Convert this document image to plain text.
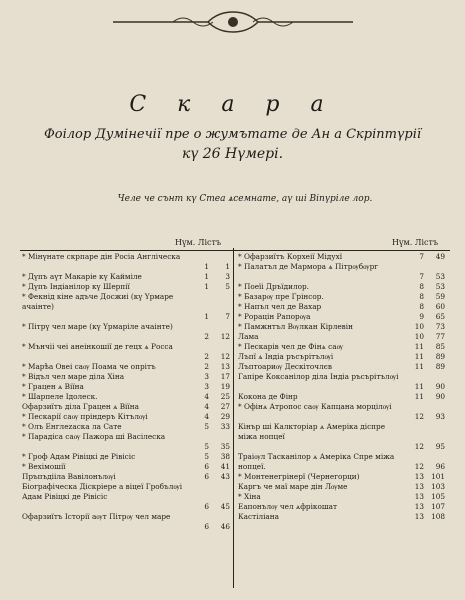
С к а р а
Фоілор Думінечії пре о жумътате де Ан а Скріптүрії
кү 26 Нүмері.
Челе че сънт кү Стеа ѧсемнате, аү ші Віпүріле лор.
Нүм. Лістъ	Нүм. Лістъ
* Мінүнате скрпаре дін Росіа Англіческа
1	1
* Дүпъ аүт Макаріе кү Кайміле	1	3
* Дүпъ Індіанілор кү Шерпії	1	5
* Фекнід кіне адъче Досжиі (кү Үрмаре ачаінте)
1	7
* Пітрү чел маре (кү Үрмаріле ачаінте)
2	12
* Мънчіі чеі анеінкошії де гецх ѧ Росса
2	12
* Марѣа Овеі саѹ Поама че опрітъ	2	13
* Відъл чел маре діла Хіна	3	17
* Грацен ѧ Віїна	3	19
* Шарпеле Ідолеск.	4	25
Офарзиїтъ діла Грацен ѧ Віїна	4	27
* Пескарії саѹ пріндеръ Кітълѹі	4	29
* Олъ Енглеzаска ла Сате	5	33
* Парадіса саѹ Пажора ші Васілеска
5	35
* Гроф Адам Рівіцкі де Рівісіс	5	38
* Вехімошії	6	41
Пръпъдііла Вавілонълѹі	6	43
Біографіческа Діскріере а віцеї Гробълѹі Адам Рівіцкі де Рівісіс
6	45
Офарзиїтъ Історії аѹт Пітрѹ чел маре
6	46
* Офарзиїтъ Корхеії Мідухї	7	49
* Палатъл де Мармора ѧ Пітрѹбѹрг
7	53
* Поеїі Дръїдилор.	8	53
* Базарѹ пре Грінсор.	8	59
* Напъл чел де Вахар	8	60
* Рорацін Рапорѹа	9	65
* Памжнтъл Вѹлкан Кірлевін	10	73
Лама	10	77
* Пескарів чел де Фінѧ саѹ	11	85
Лъпї ѧ Індіа ръсърітълѹі	11	89
Лъптоариѹ Дескіточлєв	11	89
Гапіре Коксанілор діла Індіа ръсърітълѹі
11	90
Кокона де Фінр	11	90
* Офінѧ Атропос саѹ Капцана морцілѹі
12	93
Кінър ші Калкторіар ѧ Амеріка діспре міжа нопцеї
12	95
Траіѹл Тасканілор ѧ Амеріка Спре міжа нопцеї.	12	96
* Монтенегрінерї (Чернегорци)	13 101
Каргъ че маї маре дін Лѹме	13 103
* Хіна	13 105
Еапонълѹ чел ѧфрікошат	13 107
Кастіліана	13 108
